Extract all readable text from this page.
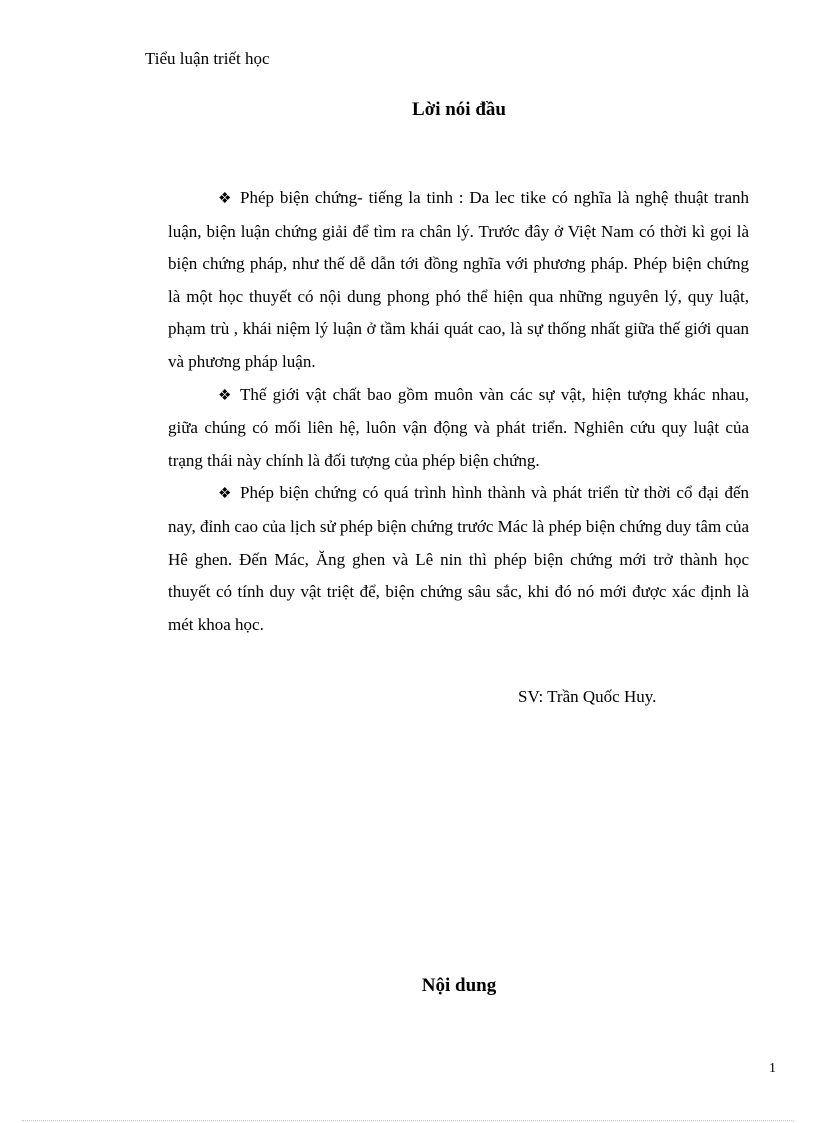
Tiểu luận triết học
Lời nói đầu

❖ Phép biện chứng- tiếng la tinh : Da lec tike có nghĩa là nghệ thuật tranh luận, biện luận chứng giải để tìm ra chân lý. Trước đây ở Việt Nam có thời kì gọi là biện chứng pháp, như thế dễ dẫn tới đồng nghĩa với phương pháp. Phép biện chứng là một học thuyết có nội dung phong phó thể hiện qua những nguyên lý, quy luật, phạm trù , khái niệm lý luận ở tầm khái quát cao, là sự thống nhất giữa thế giới quan và phương pháp luận.

❖ Thế giới vật chất bao gồm muôn vàn các sự vật, hiện tượng khác nhau, giữa chúng có mối liên hệ, luôn vận động và phát triển. Nghiên cứu quy luật của trạng thái này chính là đối tượng của phép biện chứng.

❖ Phép biện chứng có quá trình hình thành và phát triển từ thời cổ đại đến nay, đỉnh cao của lịch sử phép biện chứng trước Mác là phép biện chứng duy tâm của Hê ghen. Đến Mác, Ăng ghen và Lê nin thì phép biện chứng mới trở thành học thuyết có tính duy vật triệt để, biện chứng sâu sắc, khi đó nó mới được xác định là mét khoa học.

SV: Trần Quốc Huy.
Nội dung
1
